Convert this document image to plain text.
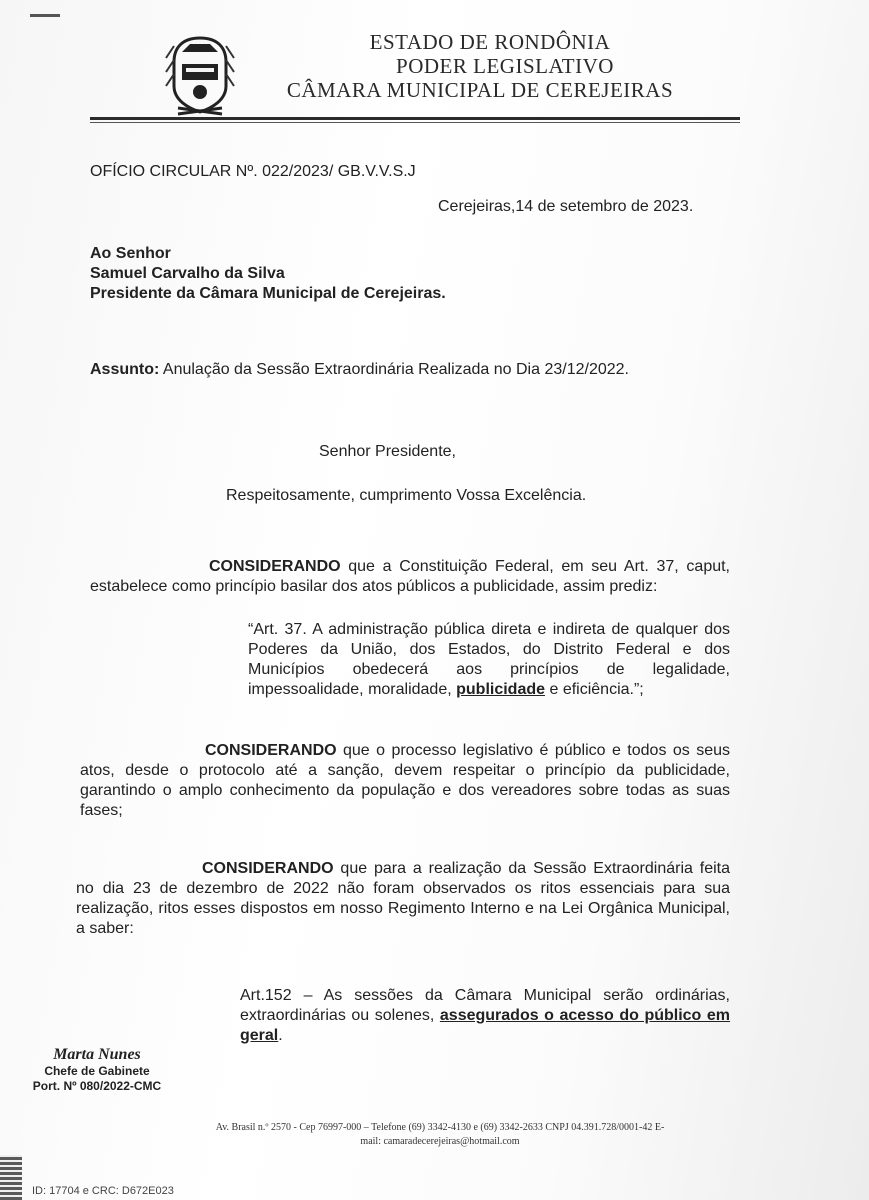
ESTADO DE RONDÔNIA
PODER LEGISLATIVO
CÂMARA MUNICIPAL DE CEREJEIRAS
OFÍCIO CIRCULAR Nº. 022/2023/ GB.V.V.S.J
Cerejeiras,14 de setembro de 2023.
Ao Senhor
Samuel Carvalho da Silva
Presidente da Câmara Municipal de Cerejeiras.
Assunto: Anulação da Sessão Extraordinária Realizada no Dia 23/12/2022.
Senhor Presidente,
Respeitosamente, cumprimento Vossa Excelência.
CONSIDERANDO que a Constituição Federal, em seu Art. 37, caput, estabelece como princípio basilar dos atos públicos a publicidade, assim prediz:
“Art. 37. A administração pública direta e indireta de qualquer dos Poderes da União, dos Estados, do Distrito Federal e dos Municípios obedecerá aos princípios de legalidade, impessoalidade, moralidade, publicidade e eficiência.”;
CONSIDERANDO que o processo legislativo é público e todos os seus atos, desde o protocolo até a sanção, devem respeitar o princípio da publicidade, garantindo o amplo conhecimento da população e dos vereadores sobre todas as suas fases;
CONSIDERANDO que para a realização da Sessão Extraordinária feita no dia 23 de dezembro de 2022 não foram observados os ritos essenciais para sua realização, ritos esses dispostos em nosso Regimento Interno e na Lei Orgânica Municipal, a saber:
Art.152 – As sessões da Câmara Municipal serão ordinárias, extraordinárias ou solenes, assegurados o acesso do público em geral.
Marta Nunes
Chefe de Gabinete
Port. Nº 080/2022-CMC
Av. Brasil n.º 2570 - Cep 76997-000 – Telefone (69) 3342-4130 e (69) 3342-2633 CNPJ 04.391.728/0001-42 E-
mail: camaradecerejeiras@hotmail.com
ID: 17704 e CRC: D672E023
